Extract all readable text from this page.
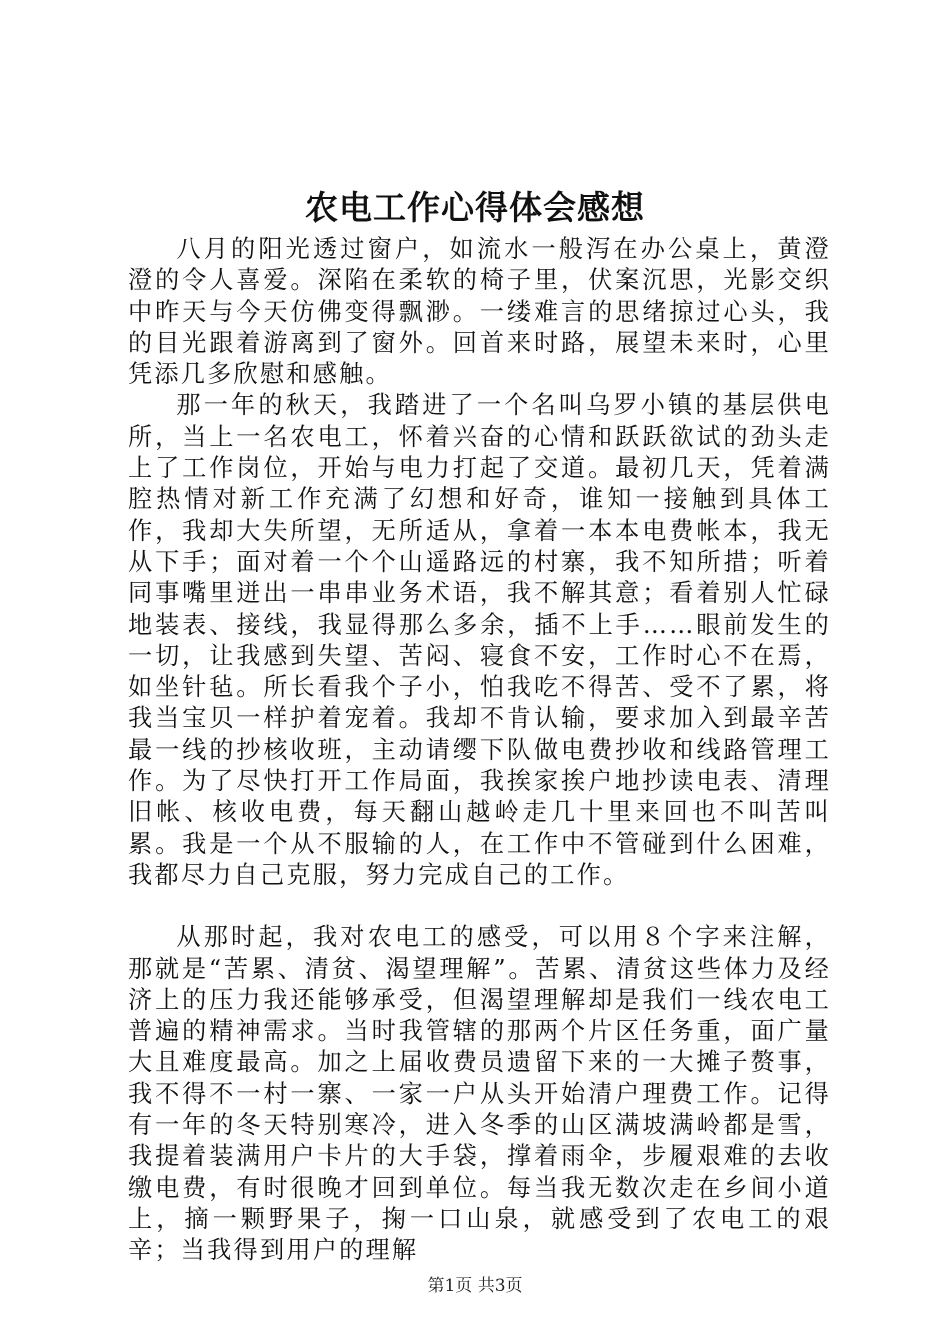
农电工作心得体会感想

八月的阳光透过窗户，如流水一般泻在办公桌上，黄澄澄的令人喜爱。深陷在柔软的椅子里，伏案沉思，光影交织中昨天与今天仿佛变得飘渺。一缕难言的思绪掠过心头，我的目光跟着游离到了窗外。回首来时路，展望未来时，心里凭添几多欣慰和感触。

那一年的秋天，我踏进了一个名叫乌罗小镇的基层供电所，当上一名农电工，怀着兴奋的心情和跃跃欲试的劲头走上了工作岗位，开始与电力打起了交道。最初几天，凭着满腔热情对新工作充满了幻想和好奇，谁知一接触到具体工作，我却大失所望，无所适从，拿着一本本电费帐本，我无从下手；面对着一个个山遥路远的村寨，我不知所措；听着同事嘴里迸出一串串业务术语，我不解其意；看着别人忙碌地装表、接线，我显得那么多余，插不上手……眼前发生的一切，让我感到失望、苦闷、寝食不安，工作时心不在焉，如坐针毡。所长看我个子小，怕我吃不得苦、受不了累，将我当宝贝一样护着宠着。我却不肯认输，要求加入到最辛苦最一线的抄核收班，主动请缨下队做电费抄收和线路管理工作。为了尽快打开工作局面，我挨家挨户地抄读电表、清理旧帐、核收电费，每天翻山越岭走几十里来回也不叫苦叫累。我是一个从不服输的人，在工作中不管碰到什么困难，我都尽力自己克服，努力完成自己的工作。

从那时起，我对农电工的感受，可以用８个字来注解，那就是“苦累、清贫、渴望理解”。苦累、清贫这些体力及经济上的压力我还能够承受，但渴望理解却是我们一线农电工普遍的精神需求。当时我管辖的那两个片区任务重，面广量大且难度最高。加之上届收费员遗留下来的一大摊子赘事，我不得不一村一寨、一家一户从头开始清户理费工作。记得有一年的冬天特别寒冷，进入冬季的山区满坡满岭都是雪，我提着装满用户卡片的大手袋，撑着雨伞，步履艰难的去收缴电费，有时很晚才回到单位。每当我无数次走在乡间小道上，摘一颗野果子，掬一口山泉，就感受到了农电工的艰辛；当我得到用户的理解

第1页 共3页
